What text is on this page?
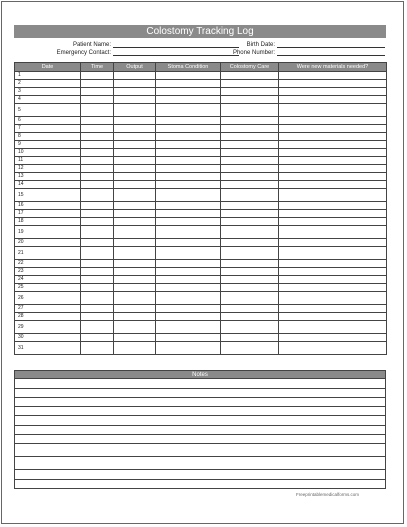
Colostomy Tracking Log
Patient Name:	Birth Date:
Emergency Contact:	Phone Number:
Date	Time	Output	Stoma Condition	Colostomy Care	Were new materials needed?
1					
2					
3					
4					
5					
6					
7					
8					
9					
10					
11					
12					
13					
14					
15					
16					
17					
18					
19					
20					
21					
22					
23					
24					
25					
26					
27					
28					
29					
30					
31					
Notes
Freeprintablemedicalforms.com
